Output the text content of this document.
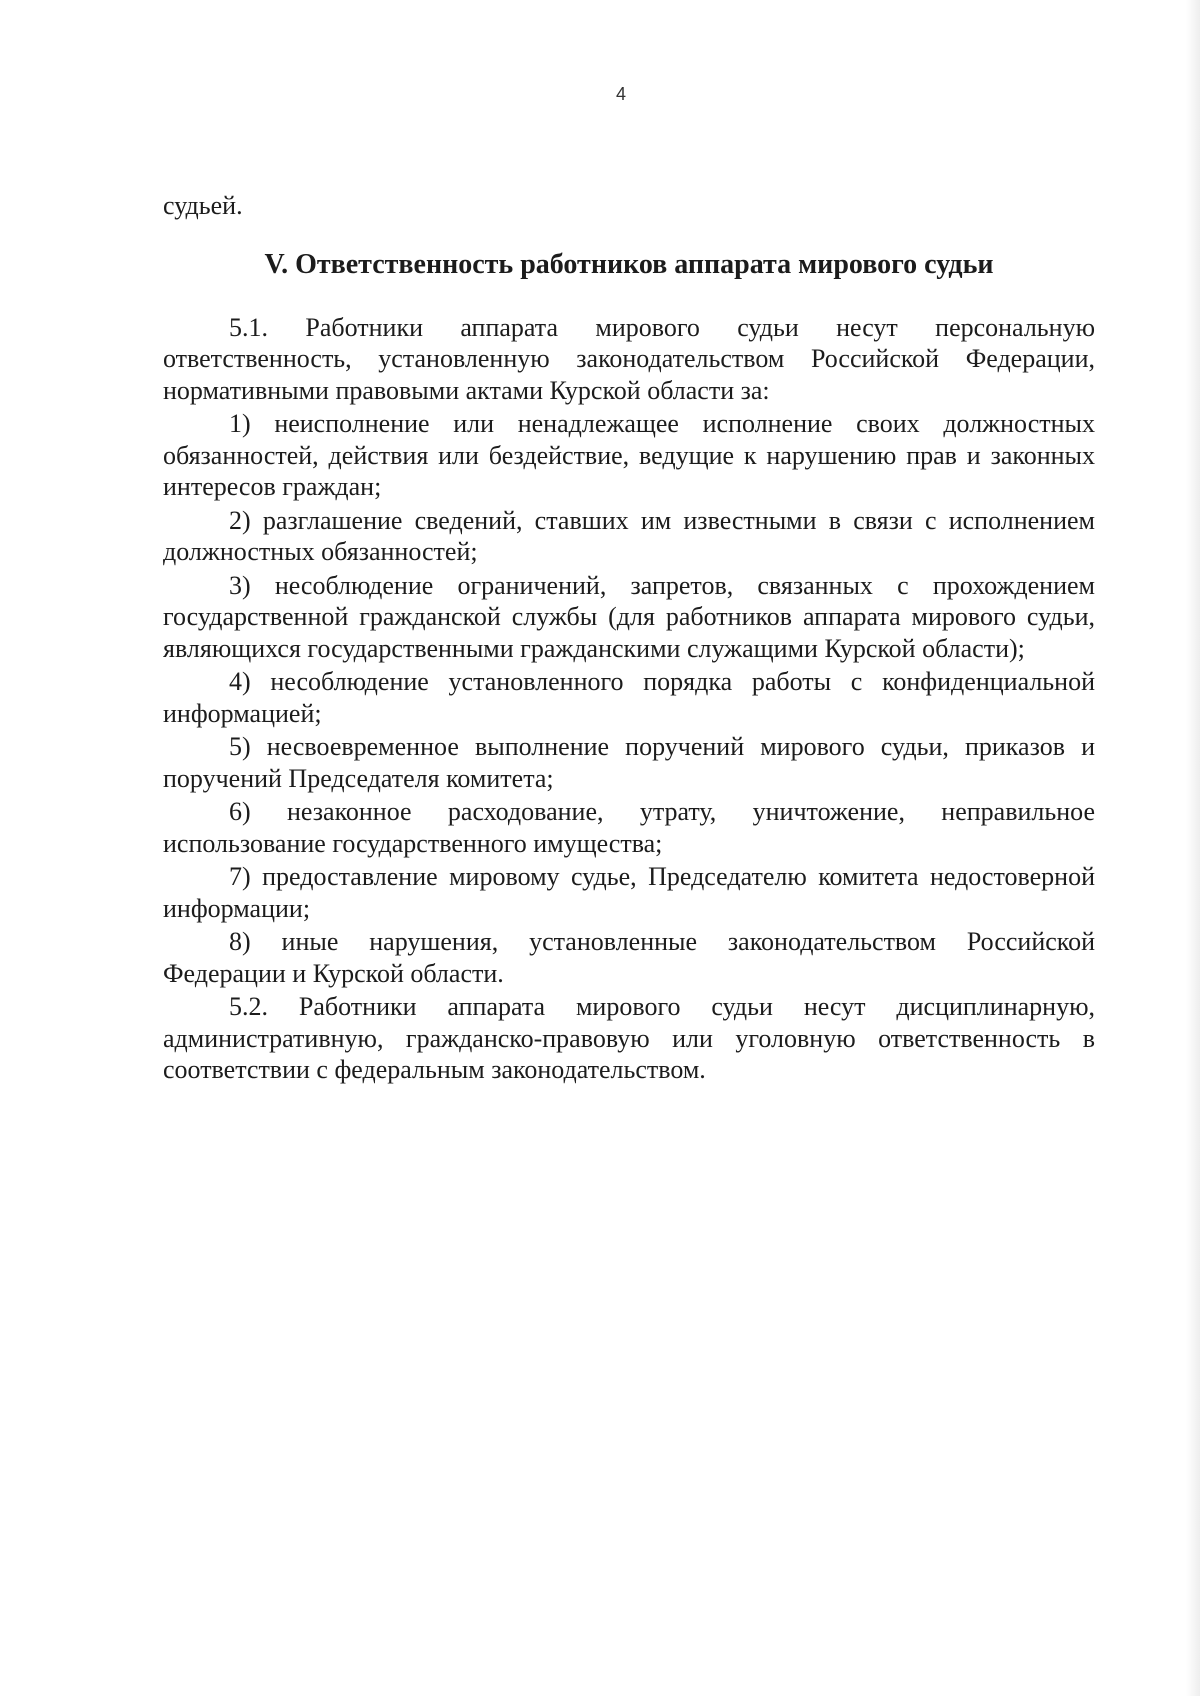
4

судьей.

V. Ответственность работников аппарата мирового судьи

5.1. Работники аппарата мирового судьи несут персональную ответственность, установленную законодательством Российской Федерации, нормативными правовыми актами Курской области за:

1) неисполнение или ненадлежащее исполнение своих должностных обязанностей, действия или бездействие, ведущие к нарушению прав и законных интересов граждан;

2) разглашение сведений, ставших им известными в связи с исполнением должностных обязанностей;

3) несоблюдение ограничений, запретов, связанных с прохождением государственной гражданской службы (для работников аппарата мирового судьи, являющихся государственными гражданскими служащими Курской области);

4) несоблюдение установленного порядка работы с конфиденциальной информацией;

5) несвоевременное выполнение поручений мирового судьи, приказов и поручений Председателя комитета;

6) незаконное расходование, утрату, уничтожение, неправильное использование государственного имущества;

7) предоставление мировому судье, Председателю комитета недостоверной информации;

8) иные нарушения, установленные законодательством Российской Федерации и Курской области.

5.2. Работники аппарата мирового судьи несут дисциплинарную, административную, гражданско-правовую или уголовную ответственность в соответствии с федеральным законодательством.
